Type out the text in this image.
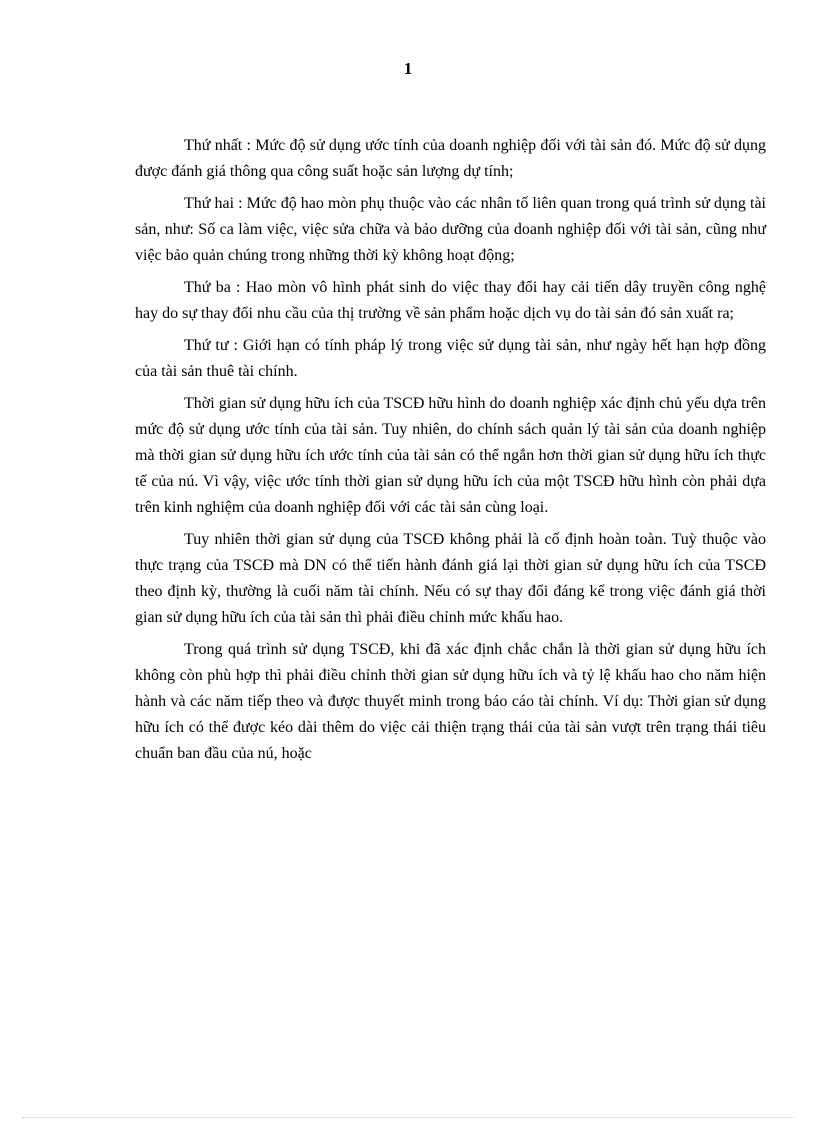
1

Thứ nhất : Mức độ sử dụng ước tính của doanh nghiệp đối với tài sản đó. Mức độ sử dụng được đánh giá thông qua công suất hoặc sản lượng dự tính;

Thứ hai : Mức độ hao mòn phụ thuộc vào các nhân tố liên quan trong quá trình sử dụng tài sản, như: Số ca làm việc, việc sửa chữa và bảo dưỡng của doanh nghiệp đối với tài sản, cũng như việc bảo quản chúng trong những thời kỳ không hoạt động;

Thứ ba : Hao mòn vô hình phát sinh do việc thay đổi hay cải tiến dây truyền công nghệ hay do sự thay đổi nhu cầu của thị trường về sản phẩm hoặc dịch vụ do tài sản đó sản xuất ra;

Thứ tư : Giới hạn có tính pháp lý trong việc sử dụng tài sản, như ngày hết hạn hợp đồng của tài sản thuê tài chính.

Thời gian sử dụng hữu ích của TSCĐ hữu hình do doanh nghiệp xác định chủ yếu dựa trên mức độ sử dụng ước tính của tài sản. Tuy nhiên, do chính sách quản lý tài sản của doanh nghiệp mà thời gian sử dụng hữu ích ước tính của tài sản có thể ngắn hơn thời gian sử dụng hữu ích thực tế của nú. Vì vậy, việc ước tính thời gian sử dụng hữu ích của một TSCĐ hữu hình còn phải dựa trên kinh nghiệm của doanh nghiệp đối với các tài sản cùng loại.

Tuy nhiên thời gian sử dụng của TSCĐ không phải là cố định hoàn toàn. Tuỳ thuộc vào thực trạng của TSCĐ mà DN có thể tiến hành đánh giá lại thời gian sử dụng hữu ích của TSCĐ theo định kỳ, thường là cuối năm tài chính. Nếu có sự thay đổi đáng kể trong việc đánh giá thời gian sử dụng hữu ích của tài sản thì phải điều chỉnh mức khấu hao.

Trong quá trình sử dụng TSCĐ, khi đã xác định chắc chắn là thời gian sử dụng hữu ích không còn phù hợp thì phải điều chỉnh thời gian sử dụng hữu ích và tỷ lệ khấu hao cho năm hiện hành và các năm tiếp theo và được thuyết minh trong báo cáo tài chính. Ví dụ: Thời gian sử dụng hữu ích có thể được kéo dài thêm do việc cải thiện trạng thái của tài sản vượt trên trạng thái tiêu chuẩn ban đầu của nú, hoặc
